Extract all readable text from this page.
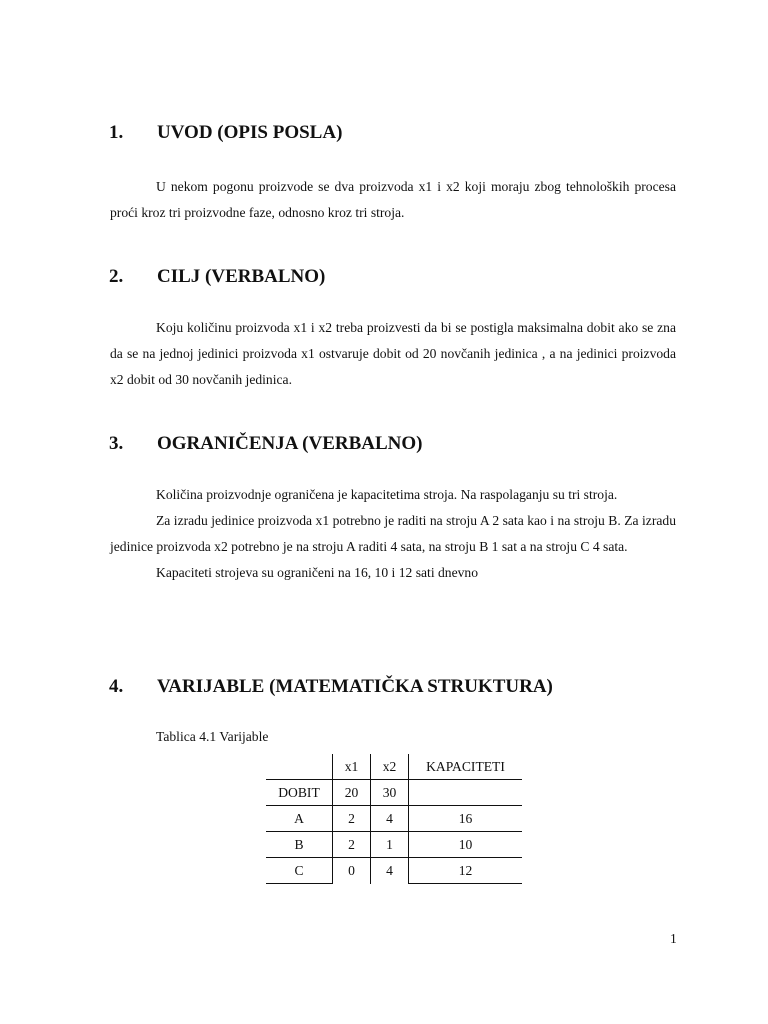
1. UVOD (OPIS POSLA)

U nekom pogonu proizvode se dva proizvoda x1 i x2 koji moraju zbog tehnoloških procesa proći kroz tri proizvodne faze, odnosno kroz tri stroja.

2. CILJ (VERBALNO)

Koju količinu proizvoda x1 i x2 treba proizvesti da bi se postigla maksimalna dobit ako se zna da se na jednoj jedinici proizvoda x1 ostvaruje dobit od 20 novčanih jedinica , a na jedinici proizvoda x2 dobit od 30 novčanih jedinica.

3. OGRANIČENJA (VERBALNO)

Količina proizvodnje ograničena je kapacitetima stroja. Na raspolaganju su tri stroja.

Za izradu jedinice proizvoda x1 potrebno je raditi na stroju A 2 sata kao i na stroju B. Za izradu jedinice proizvoda x2 potrebno je na stroju A raditi 4 sata, na stroju B 1 sat a na stroju C 4 sata.

Kapaciteti strojeva su ograničeni na 16, 10 i 12 sati dnevno

4. VARIJABLE (MATEMATIČKA STRUKTURA)
Tablica 4.1 Varijable
	x1	x2	KAPACITETI
DOBIT	20	30	
A	2	4	16
B	2	1	10
C	0	4	12
1
